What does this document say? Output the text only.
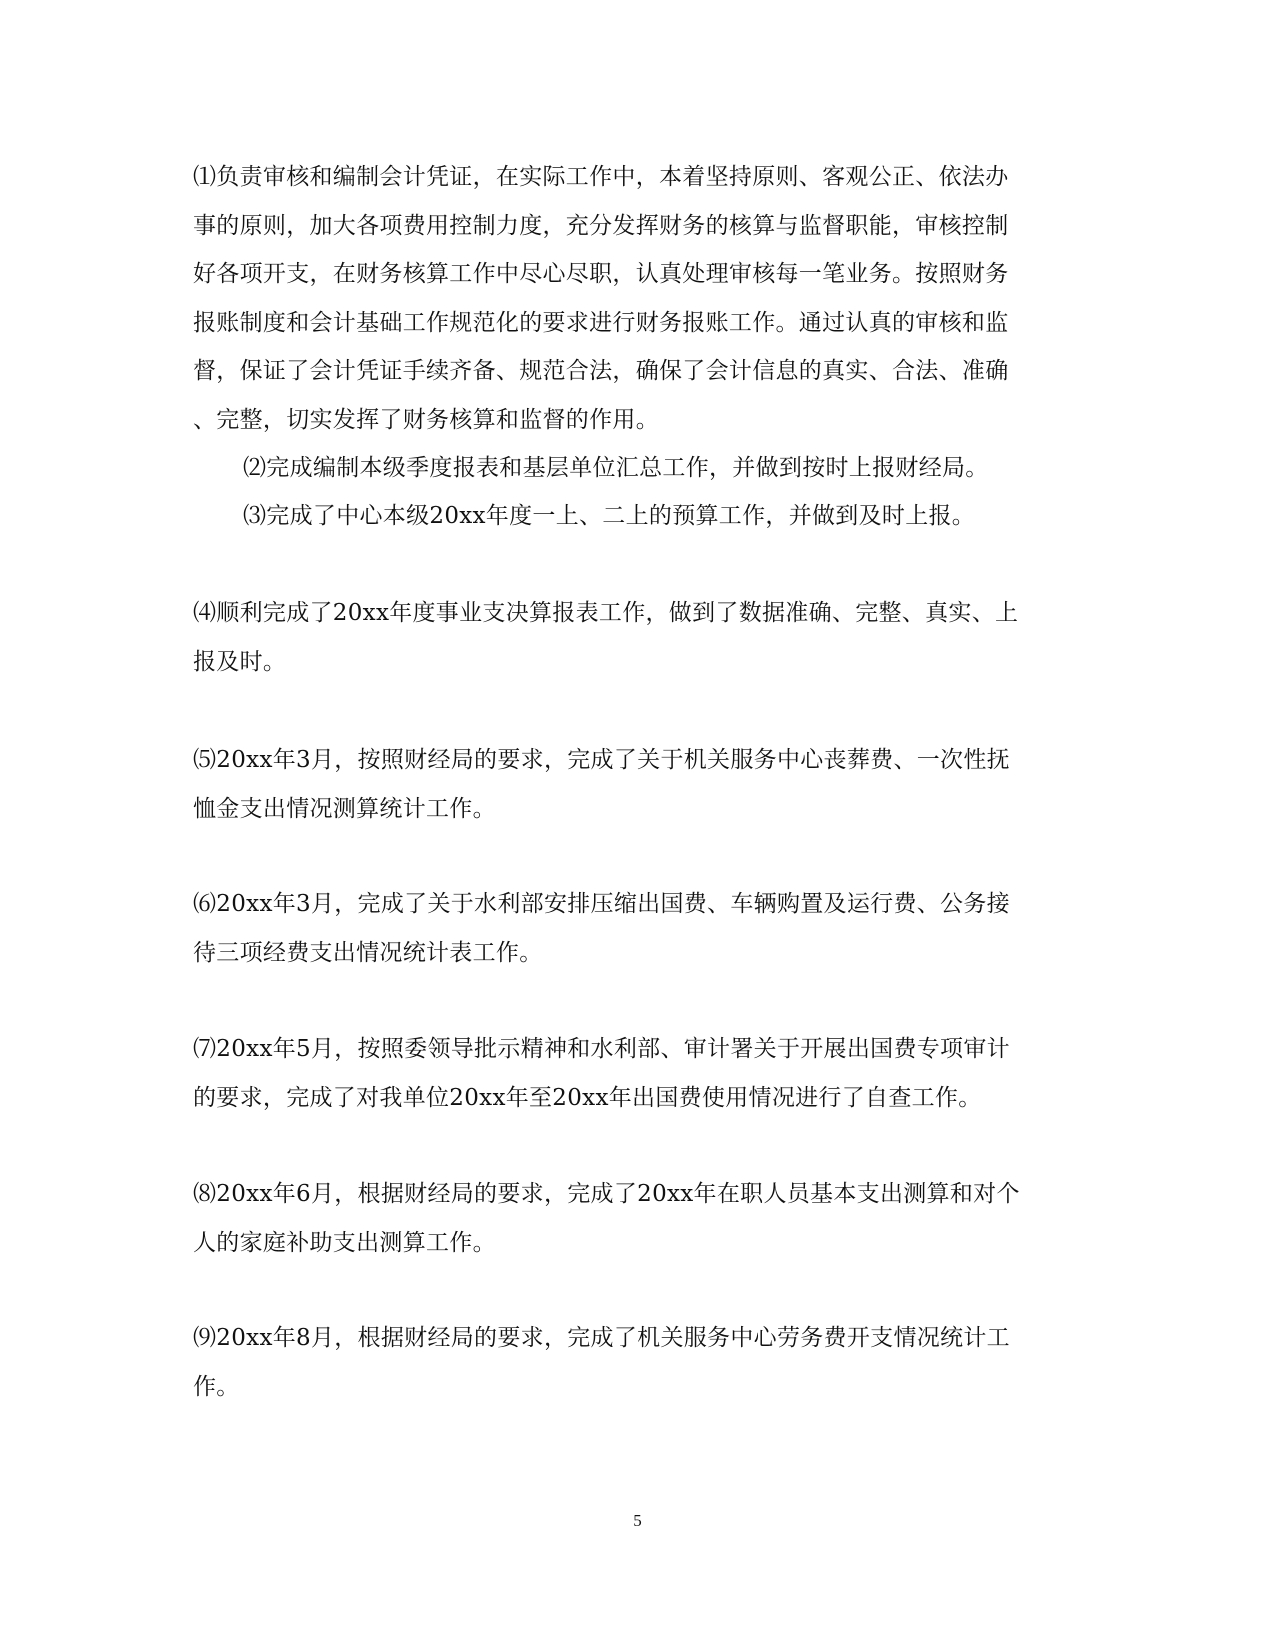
⑴负责审核和编制会计凭证，在实际工作中，本着坚持原则、客观公正、依法办
事的原则，加大各项费用控制力度，充分发挥财务的核算与监督职能，审核控制
好各项开支，在财务核算工作中尽心尽职，认真处理审核每一笔业务。按照财务
报账制度和会计基础工作规范化的要求进行财务报账工作。通过认真的审核和监
督，保证了会计凭证手续齐备、规范合法，确保了会计信息的真实、合法、准确
、完整，切实发挥了财务核算和监督的作用。

⑵完成编制本级季度报表和基层单位汇总工作，并做到按时上报财经局。

⑶完成了中心本级20xx年度一上、二上的预算工作，并做到及时上报。

⑷顺利完成了20xx年度事业支决算报表工作，做到了数据准确、完整、真实、上
报及时。

⑸20xx年3月，按照财经局的要求，完成了关于机关服务中心丧葬费、一次性抚
恤金支出情况测算统计工作。

⑹20xx年3月，完成了关于水利部安排压缩出国费、车辆购置及运行费、公务接
待三项经费支出情况统计表工作。

⑺20xx年5月，按照委领导批示精神和水利部、审计署关于开展出国费专项审计
的要求，完成了对我单位20xx年至20xx年出国费使用情况进行了自查工作。

⑻20xx年6月，根据财经局的要求，完成了20xx年在职人员基本支出测算和对个
人的家庭补助支出测算工作。

⑼20xx年8月，根据财经局的要求，完成了机关服务中心劳务费开支情况统计工
作。

5
